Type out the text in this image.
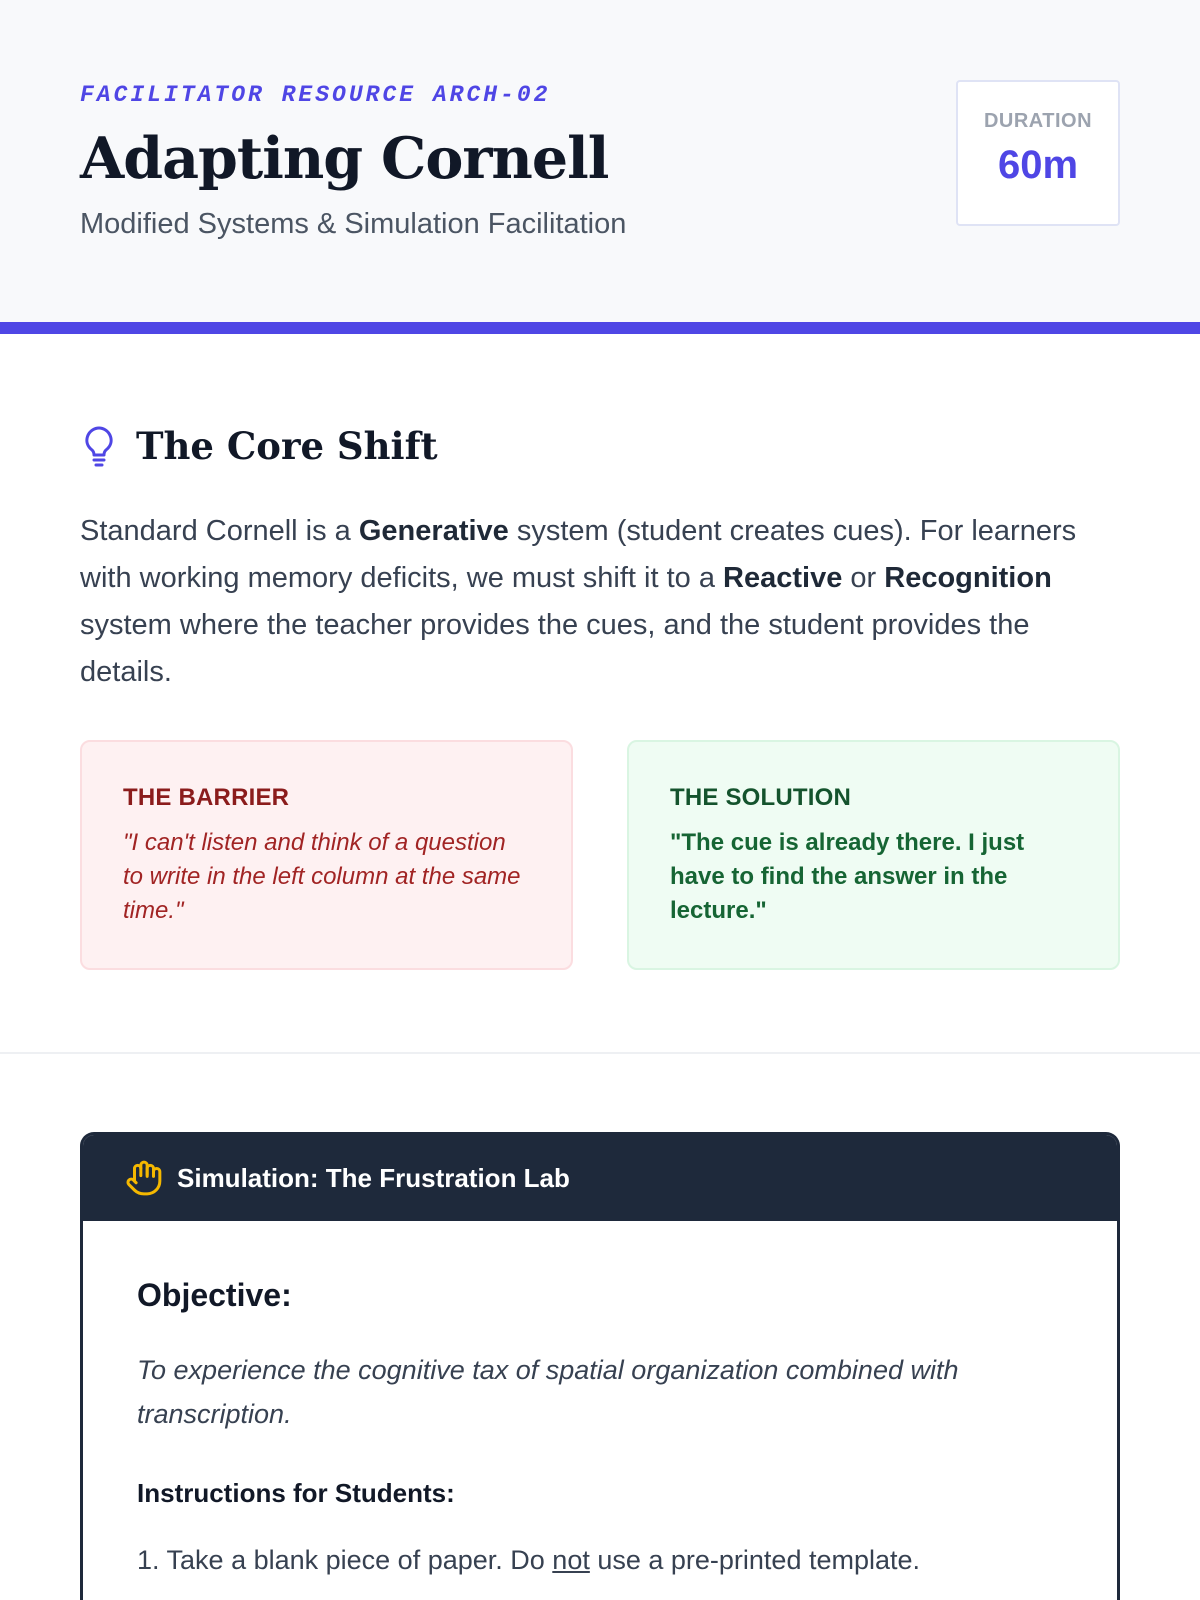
FACILITATOR RESOURCE ARCH-02

Adapting Cornell

Modified Systems & Simulation Facilitation

DURATION
60m
The Core Shift

Standard Cornell is a Generative system (student creates cues). For learners with working memory deficits, we must shift it to a Reactive or Recognition system where the teacher provides the cues, and the student provides the details.

THE BARRIER
"I can't listen and think of a question to write in the left column at the same time."
THE SOLUTION
"The cue is already there. I just have to find the answer in the lecture."
Simulation: The Frustration Lab

Objective:

To experience the cognitive tax of spatial organization combined with transcription.

Instructions for Students:

1. Take a blank piece of paper. Do not use a pre-printed template.
